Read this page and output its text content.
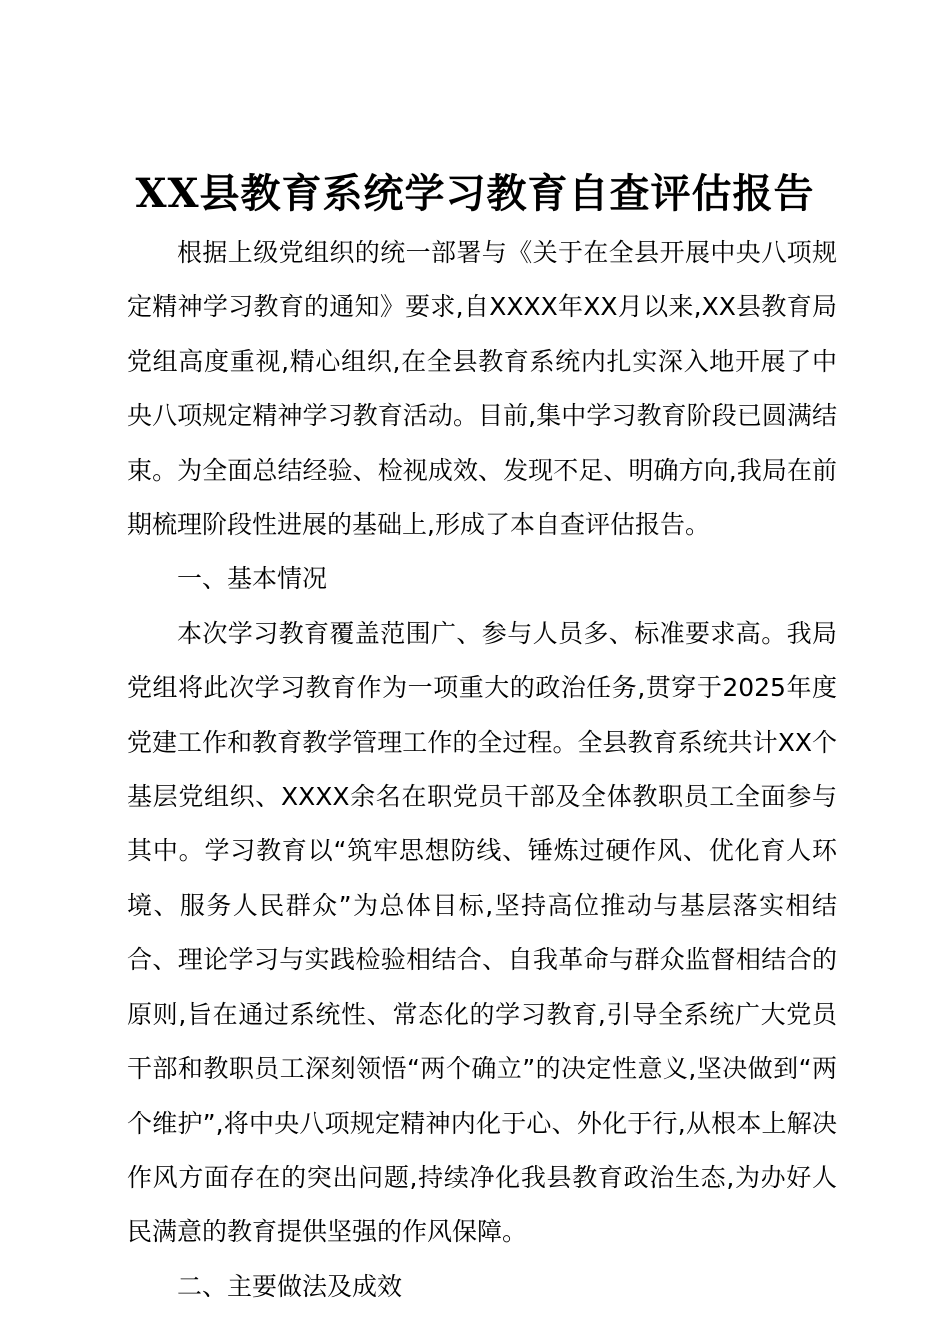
XX县教育系统学习教育自查评估报告

根据上级党组织的统一部署与《关于在全县开展中央八项规定精神学习教育的通知》要求,自XXXX年XX月以来,XX县教育局党组高度重视,精心组织,在全县教育系统内扎实深入地开展了中央八项规定精神学习教育活动。目前,集中学习教育阶段已圆满结束。为全面总结经验、检视成效、发现不足、明确方向,我局在前期梳理阶段性进展的基础上,形成了本自查评估报告。

一、基本情况

本次学习教育覆盖范围广、参与人员多、标准要求高。我局党组将此次学习教育作为一项重大的政治任务,贯穿于2025年度党建工作和教育教学管理工作的全过程。全县教育系统共计XX个基层党组织、XXXX余名在职党员干部及全体教职员工全面参与其中。学习教育以“筑牢思想防线、锤炼过硬作风、优化育人环境、服务人民群众”为总体目标,坚持高位推动与基层落实相结合、理论学习与实践检验相结合、自我革命与群众监督相结合的原则,旨在通过系统性、常态化的学习教育,引导全系统广大党员干部和教职员工深刻领悟“两个确立”的决定性意义,坚决做到“两个维护”,将中央八项规定精神内化于心、外化于行,从根本上解决作风方面存在的突出问题,持续净化我县教育政治生态,为办好人民满意的教育提供坚强的作风保障。

二、主要做法及成效
